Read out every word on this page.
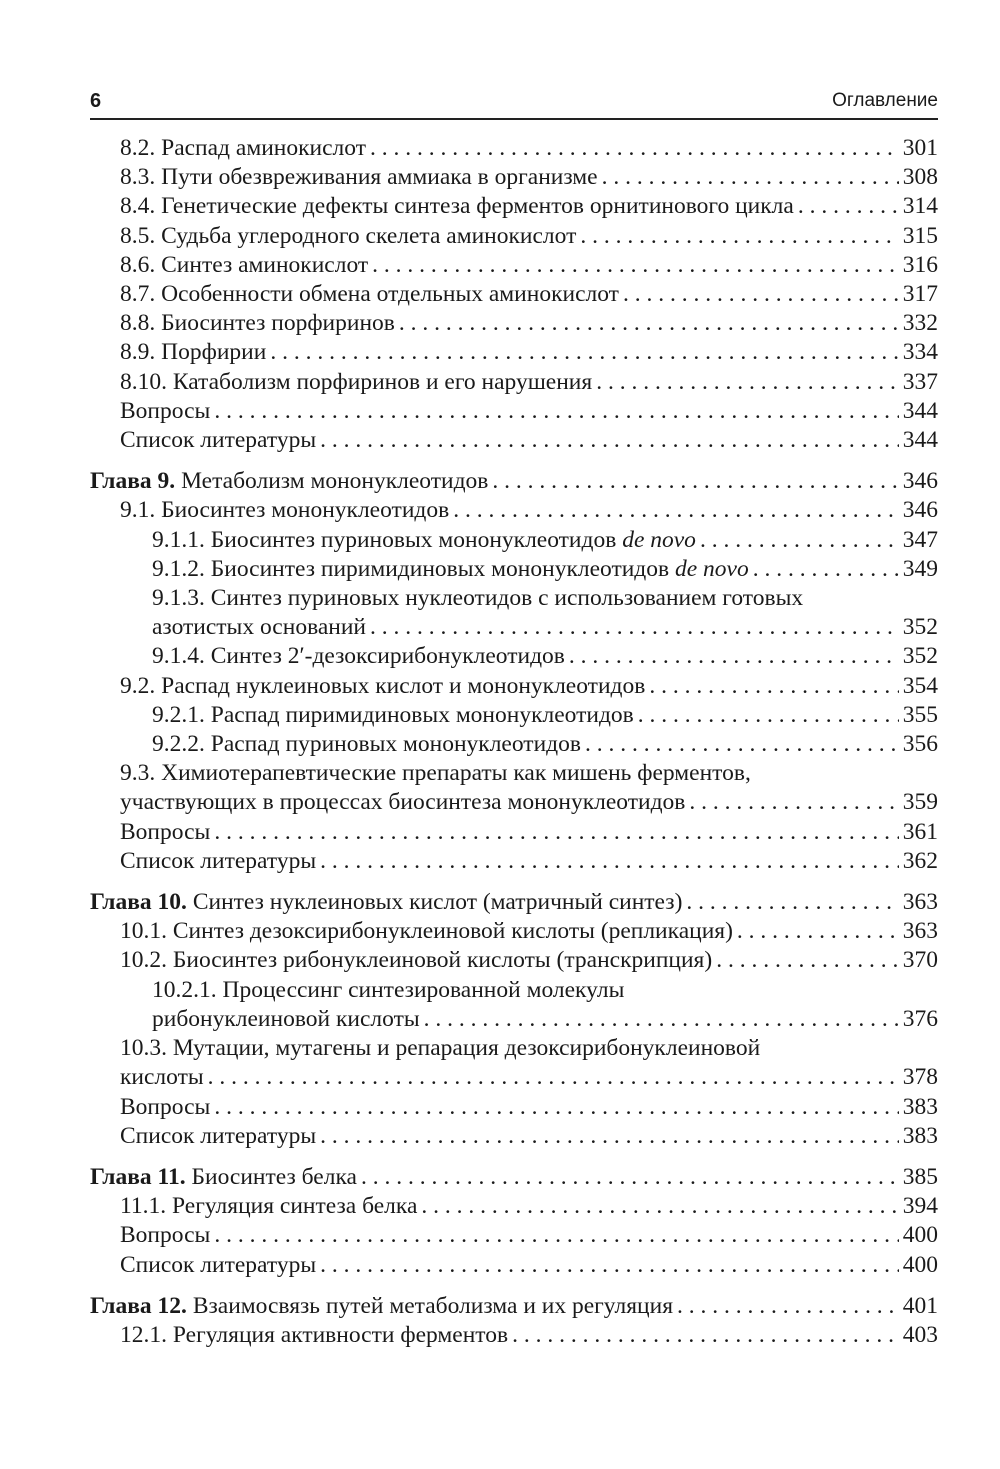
6	Оглавление
8.2. Распад аминокислот . . .	301
8.3. Пути обезвреживания аммиака в организме . . .	308
8.4. Генетические дефекты синтеза ферментов орнитинового цикла . . .	314
8.5. Судьба углеродного скелета аминокислот . . .	315
8.6. Синтез аминокислот . . .	316
8.7. Особенности обмена отдельных аминокислот . . .	317
8.8. Биосинтез порфиринов . . .	332
8.9. Порфирии . . .	334
8.10. Катаболизм порфиринов и его нарушения . . .	337
Вопросы . . .	344
Список литературы . . .	344
Глава 9. Метаболизм мононуклеотидов . . .	346
9.1. Биосинтез мононуклеотидов . . .	346
9.1.1. Биосинтез пуриновых мононуклеотидов de novo . . .	347
9.1.2. Биосинтез пиримидиновых мононуклеотидов de novo . . .	349
9.1.3. Синтез пуриновых нуклеотидов с использованием готовых
азотистых оснований . . .	352
9.1.4. Синтез 2′-дезоксирибонуклеотидов . . .	352
9.2. Распад нуклеиновых кислот и мононуклеотидов . . .	354
9.2.1. Распад пиримидиновых мононуклеотидов . . .	355
9.2.2. Распад пуриновых мононуклеотидов . . .	356
9.3. Химиотерапевтические препараты как мишень ферментов,
участвующих в процессах биосинтеза мононуклеотидов . . .	359
Вопросы . . .	361
Список литературы . . .	362
Глава 10. Синтез нуклеиновых кислот (матричный синтез) . . .	363
10.1. Синтез дезоксирибонуклеиновой кислоты (репликация) . . .	363
10.2. Биосинтез рибонуклеиновой кислоты (транскрипция) . . .	370
10.2.1. Процессинг синтезированной молекулы
рибонуклеиновой кислоты . . .	376
10.3. Мутации, мутагены и репарация дезоксирибонуклеиновой
кислоты . . .	378
Вопросы . . .	383
Список литературы . . .	383
Глава 11. Биосинтез белка . . .	385
11.1. Регуляция синтеза белка . . .	394
Вопросы . . .	400
Список литературы . . .	400
Глава 12. Взаимосвязь путей метаболизма и их регуляция . . .	401
12.1. Регуляция активности ферментов . . .	403
